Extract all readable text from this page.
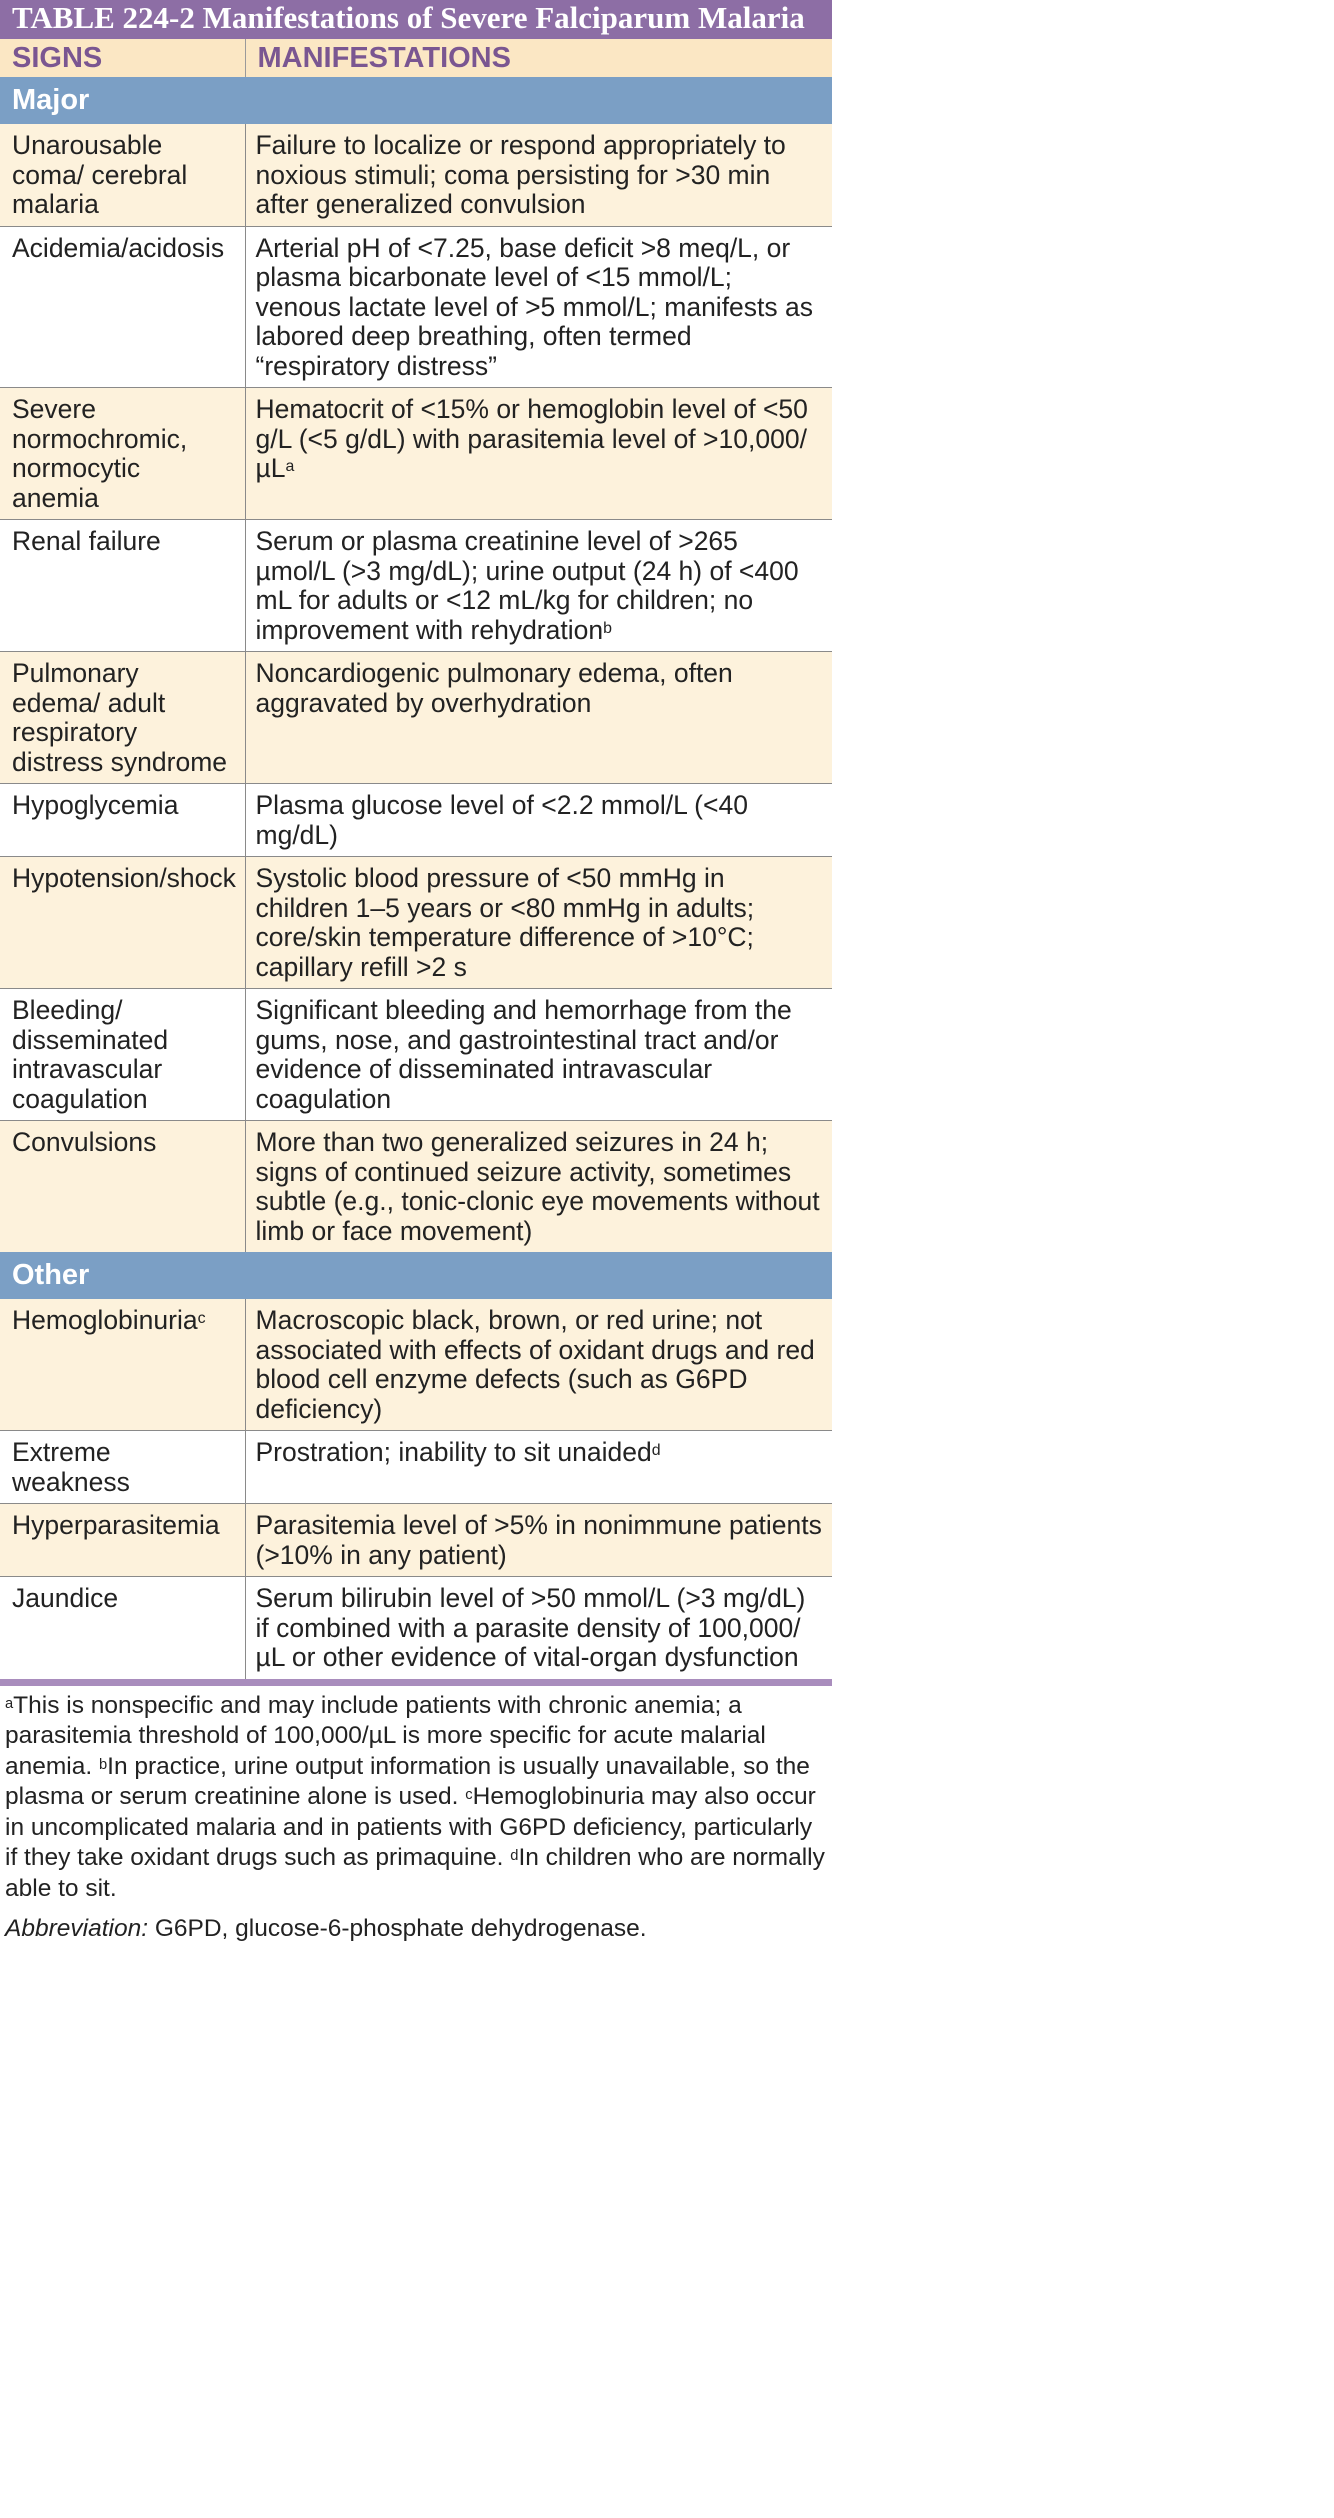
TABLE 224-2 Manifestations of Severe Falciparum Malaria
SIGNS	MANIFESTATIONS
Major	
Unarousable coma/ cerebral malaria	Failure to localize or respond appropriately to noxious stimuli; coma persisting for >30 min after generalized convulsion
Acidemia/acidosis	Arterial pH of <7.25, base deficit >8 meq/L, or plasma bicarbonate level of <15 mmol/L; venous lactate level of >5 mmol/L; manifests as labored deep breathing, often termed “respiratory distress”
Severe normochromic, normocytic anemia	Hematocrit of <15% or hemoglobin level of <50 g/L (<5 g/dL) with parasitemia level of >10,000/µL$^a$
Renal failure	Serum or plasma creatinine level of >265 µmol/L (>3 mg/dL); urine output (24 h) of <400 mL for adults or <12 mL/kg for children; no improvement with rehydration$^b$
Pulmonary edema/ adult respiratory distress syndrome	Noncardiogenic pulmonary edema, often aggravated by overhydration
Hypoglycemia	Plasma glucose level of <2.2 mmol/L (<40 mg/dL)
Hypotension/shock	Systolic blood pressure of <50 mmHg in children 1–5 years or <80 mmHg in adults; core/skin temperature difference of >10°C; capillary refill >2 s
Bleeding/ disseminated intravascular coagulation	Significant bleeding and hemorrhage from the gums, nose, and gastrointestinal tract and/or evidence of disseminated intravascular coagulation
Convulsions	More than two generalized seizures in 24 h; signs of continued seizure activity, sometimes subtle (e.g., tonic-clonic eye movements without limb or face movement)
Other	
Hemoglobinuria$^c$	Macroscopic black, brown, or red urine; not associated with effects of oxidant drugs and red blood cell enzyme defects (such as G6PD deficiency)
Extreme weakness	Prostration; inability to sit unaided$^d$
Hyperparasitemia	Parasitemia level of >5% in nonimmune patients (>10% in any patient)
Jaundice	Serum bilirubin level of >50 mmol/L (>3 mg/dL) if combined with a parasite density of 100,000/µL or other evidence of vital-organ dysfunction

$^a$This is nonspecific and may include patients with chronic anemia; a parasitemia threshold of 100,000/µL is more specific for acute malarial anemia. $^b$In practice, urine output information is usually unavailable, so the plasma or serum creatinine alone is used. $^c$Hemoglobinuria may also occur in uncomplicated malaria and in patients with G6PD deficiency, particularly if they take oxidant drugs such as primaquine. $^d$In children who are normally able to sit.

Abbreviation: G6PD, glucose-6-phosphate dehydrogenase.
